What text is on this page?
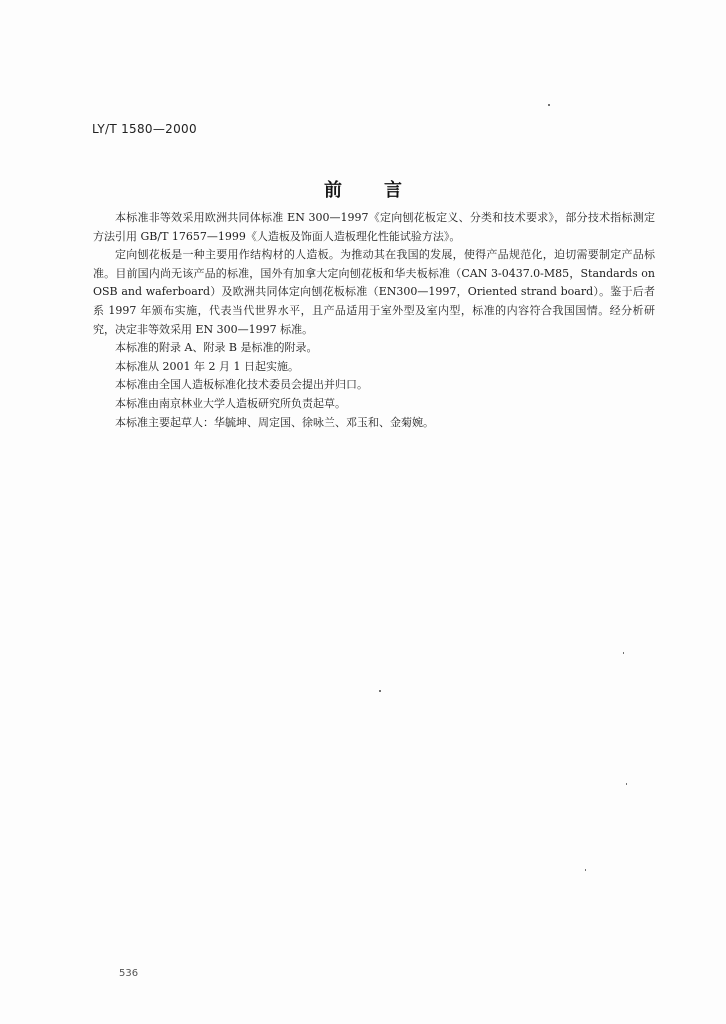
LY/T 1580—2000
前言

本标准非等效采用欧洲共同体标准 EN 300—1997《定向刨花板定义、分类和技术要求》，部分技术指标测定方法引用 GB/T 17657—1999《人造板及饰面人造板理化性能试验方法》。

定向刨花板是一种主要用作结构材的人造板。为推动其在我国的发展，使得产品规范化，迫切需要制定产品标准。目前国内尚无该产品的标准，国外有加拿大定向刨花板和华夫板标准（CAN 3-0437.0-M85，Standards on OSB and waferboard）及欧洲共同体定向刨花板标准（EN300—1997，Oriented strand board）。鉴于后者系 1997 年颁布实施，代表当代世界水平，且产品适用于室外型及室内型，标准的内容符合我国国情。经分析研究，决定非等效采用 EN 300—1997 标准。

本标准的附录 A、附录 B 是标准的附录。

本标准从 2001 年 2 月 1 日起实施。

本标准由全国人造板标准化技术委员会提出并归口。

本标准由南京林业大学人造板研究所负责起草。

本标准主要起草人：华毓坤、周定国、徐咏兰、邓玉和、金菊婉。

536
